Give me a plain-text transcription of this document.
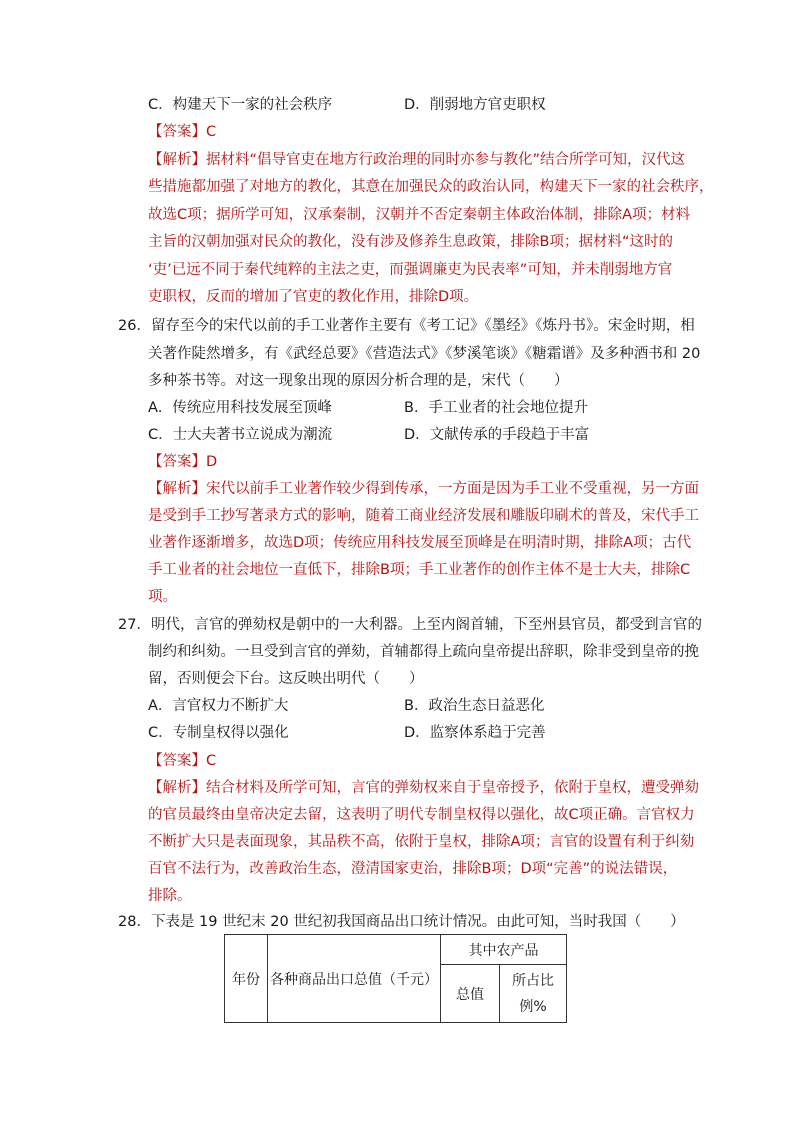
C．构建天下一家的社会秩序	D．削弱地方官吏职权
【答案】C
【解析】据材料“倡导官吏在地方行政治理的同时亦参与教化”结合所学可知，汉代这
些措施都加强了对地方的教化，其意在加强民众的政治认同，构建天下一家的社会秩序，
故选C项；据所学可知，汉承秦制，汉朝并不否定秦朝主体政治体制，排除A项；材料
主旨的汉朝加强对民众的教化，没有涉及修养生息政策，排除B项；据材料“这时的
‘吏’已远不同于秦代纯粹的主法之吏，而强调廉吏为民表率”可知，并未削弱地方官
吏职权，反而的增加了官吏的教化作用，排除D项。
26．留存至今的宋代以前的手工业著作主要有《考工记》《墨经》《炼丹书》。宋金时期，相
关著作陡然增多，有《武经总要》《营造法式》《梦溪笔谈》《糖霜谱》及多种酒书和 20
多种茶书等。对这一现象出现的原因分析合理的是，宋代（　　）
A．传统应用科技发展至顶峰	B．手工业者的社会地位提升
C．士大夫著书立说成为潮流	D．文献传承的手段趋于丰富
【答案】D
【解析】宋代以前手工业著作较少得到传承，一方面是因为手工业不受重视，另一方面
是受到手工抄写著录方式的影响，随着工商业经济发展和雕版印刷术的普及，宋代手工
业著作逐渐增多，故选D项；传统应用科技发展至顶峰是在明清时期，排除A项；古代
手工业者的社会地位一直低下，排除B项；手工业著作的创作主体不是士大夫，排除C
项。
27．明代，言官的弹劾权是朝中的一大利器。上至内阁首辅，下至州县官员，都受到言官的
制约和纠劾。一旦受到言官的弹劾，首辅都得上疏向皇帝提出辞职，除非受到皇帝的挽
留，否则便会下台。这反映出明代（　　）
A．言官权力不断扩大	B．政治生态日益恶化
C．专制皇权得以强化	D．监察体系趋于完善
【答案】C
【解析】结合材料及所学可知，言官的弹劾权来自于皇帝授予，依附于皇权，遭受弹劾
的官员最终由皇帝决定去留，这表明了明代专制皇权得以强化，故C项正确。言官权力
不断扩大只是表面现象，其品秩不高，依附于皇权，排除A项；言官的设置有利于纠劾
百官不法行为，改善政治生态，澄清国家吏治，排除B项；D项“完善”的说法错误，
排除。
28．下表是 19 世纪末 20 世纪初我国商品出口统计情况。由此可知，当时我国（　　）
年份	各种商品出口总值（千元）	其中农产品	
		总值	所占比
例%
